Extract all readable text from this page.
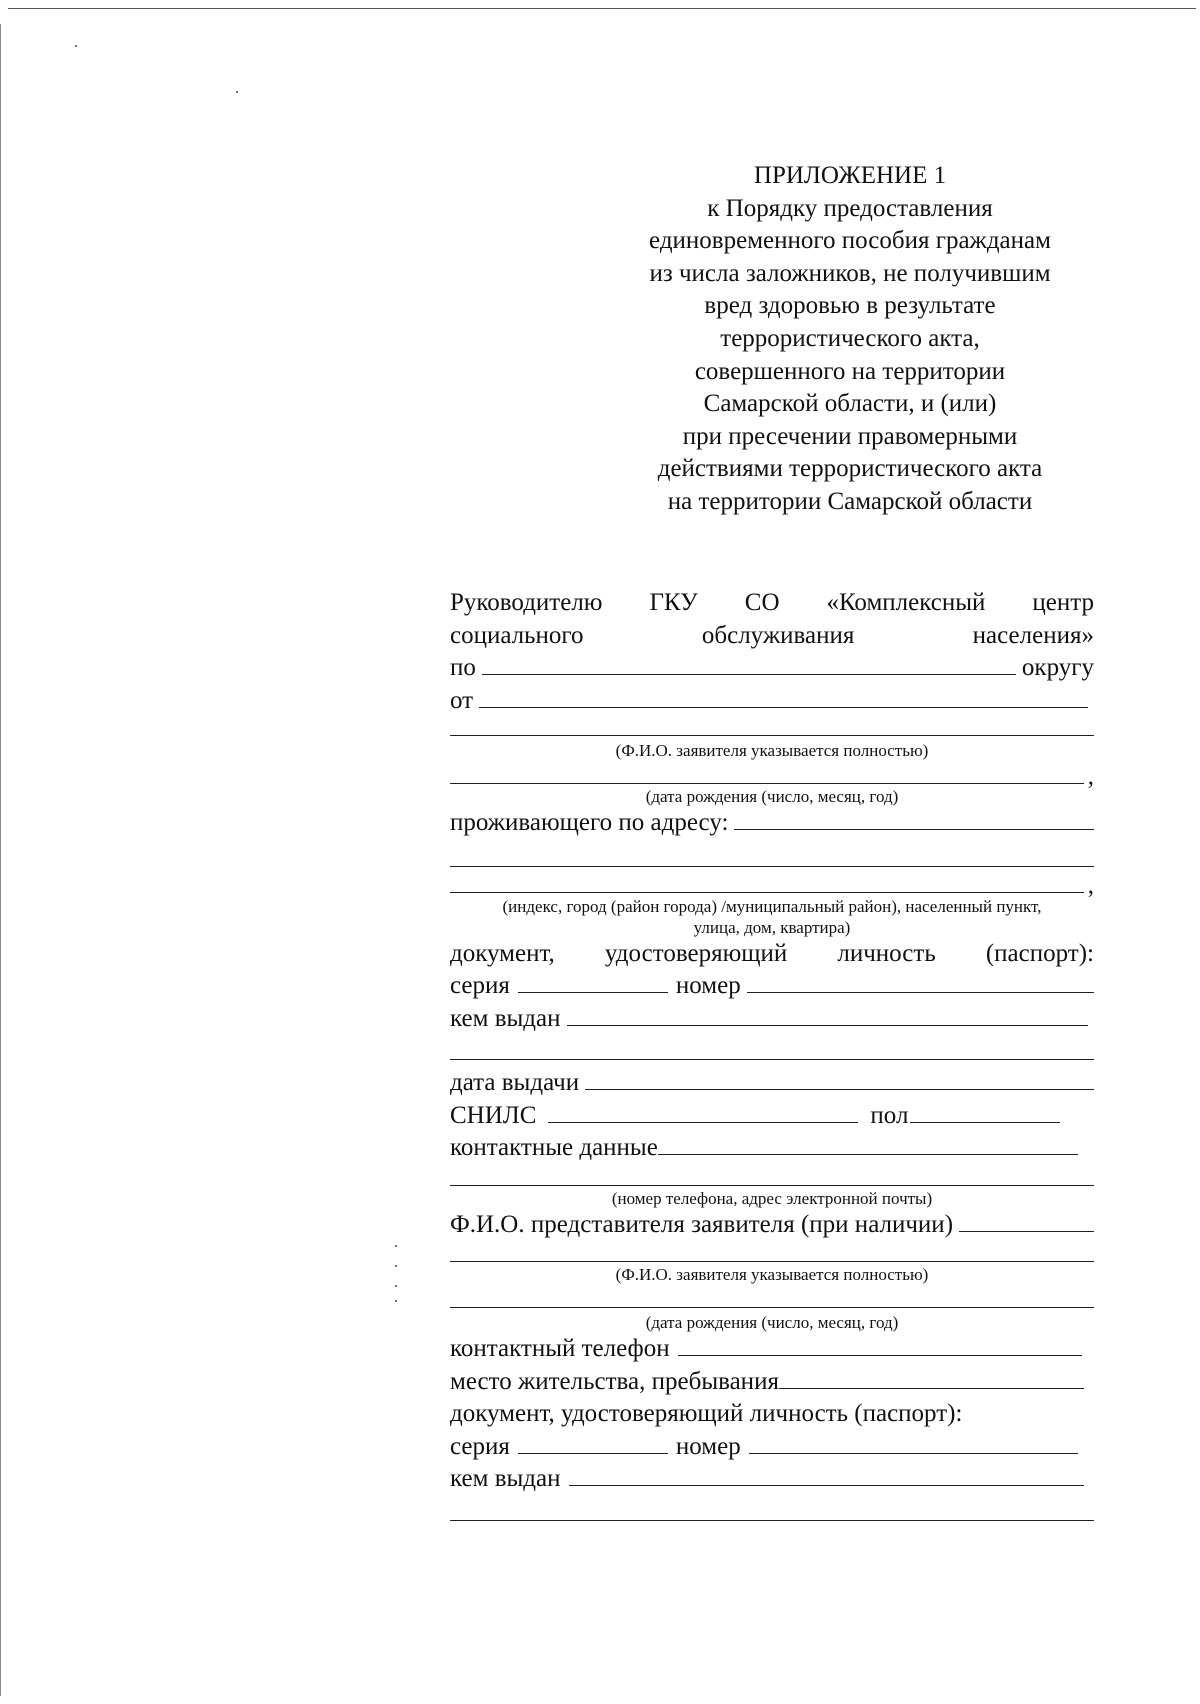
ПРИЛОЖЕНИЕ 1
к Порядку предоставления
единовременного пособия гражданам
из числа заложников, не получившим
вред здоровью в результате
террористического акта,
совершенного на территории
Самарской области, и (или)
при пресечении правомерными
действиями террористического акта
на территории Самарской области
Руководителю ГКУ СО «Комплексный центр
социального	обслуживания	населения»
по	округу
от
(Ф.И.О. заявителя указывается полностью)
,
(дата рождения (число, месяц, год)
проживающего по адресу:
,
(индекс, город (район города) /муниципальный район), населенный пункт,
улица, дом, квартира)
документ, удостоверяющий личность (паспорт):
серия	номер
кем выдан
дата выдачи
СНИЛС	пол
контактные данные
(номер телефона, адрес электронной почты)
Ф.И.О. представителя заявителя (при наличии)
(Ф.И.О. заявителя указывается полностью)
(дата рождения (число, месяц, год)
контактный телефон
место жительства, пребывания
документ, удостоверяющий личность (паспорт):
серия	номер
кем выдан
